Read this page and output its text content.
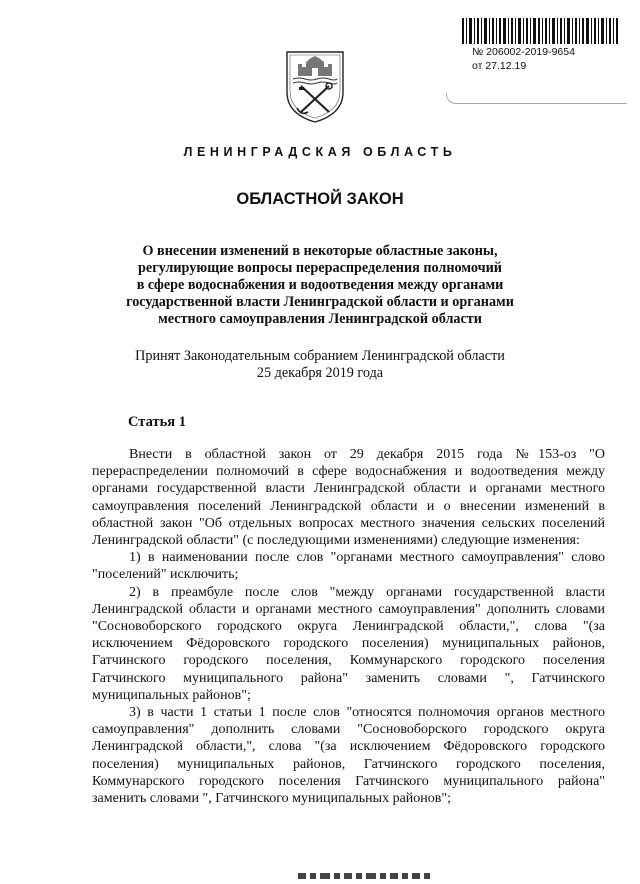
№ 206002-2019-9654
от 27.12.19
ЛЕНИНГРАДСКАЯ ОБЛАСТЬ
ОБЛАСТНОЙ ЗАКОН
О внесении изменений в некоторые областные законы,
регулирующие вопросы перераспределения полномочий
в сфере водоснабжения и водоотведения между органами
государственной власти Ленинградской области и органами
местного самоуправления Ленинградской области
Принят Законодательным собранием Ленинградской области
25 декабря 2019 года
Статья 1

Внести в областной закон от 29 декабря 2015 года №153-оз "О перераспределении полномочий в сфере водоснабжения и водоотведения между органами государственной власти Ленинградской области и органами местного самоуправления поселений Ленинградской области и о внесении изменений в областной закон "Об отдельных вопросах местного значения сельских поселений Ленинградской области" (с последующими изменениями) следующие изменения:

1) в наименовании после слов "органами местного самоуправления" слово "поселений" исключить;

2) в преамбуле после слов "между органами государственной власти Ленинградской области и органами местного самоуправления" дополнить словами "Сосновоборского городского округа Ленинградской области,", слова "(за исключением Фёдоровского городского поселения) муниципальных районов, Гатчинского городского поселения, Коммунарского городского поселения Гатчинского муниципального района" заменить словами ", Гатчинского муниципальных районов";

3) в части 1 статьи 1 после слов "относятся полномочия органов местного самоуправления" дополнить словами "Сосновоборского городского округа Ленинградской области,", слова "(за исключением Фёдоровского городского поселения) муниципальных районов, Гатчинского городского поселения, Коммунарского городского поселения Гатчинского муниципального района" заменить словами ", Гатчинского муниципальных районов";
